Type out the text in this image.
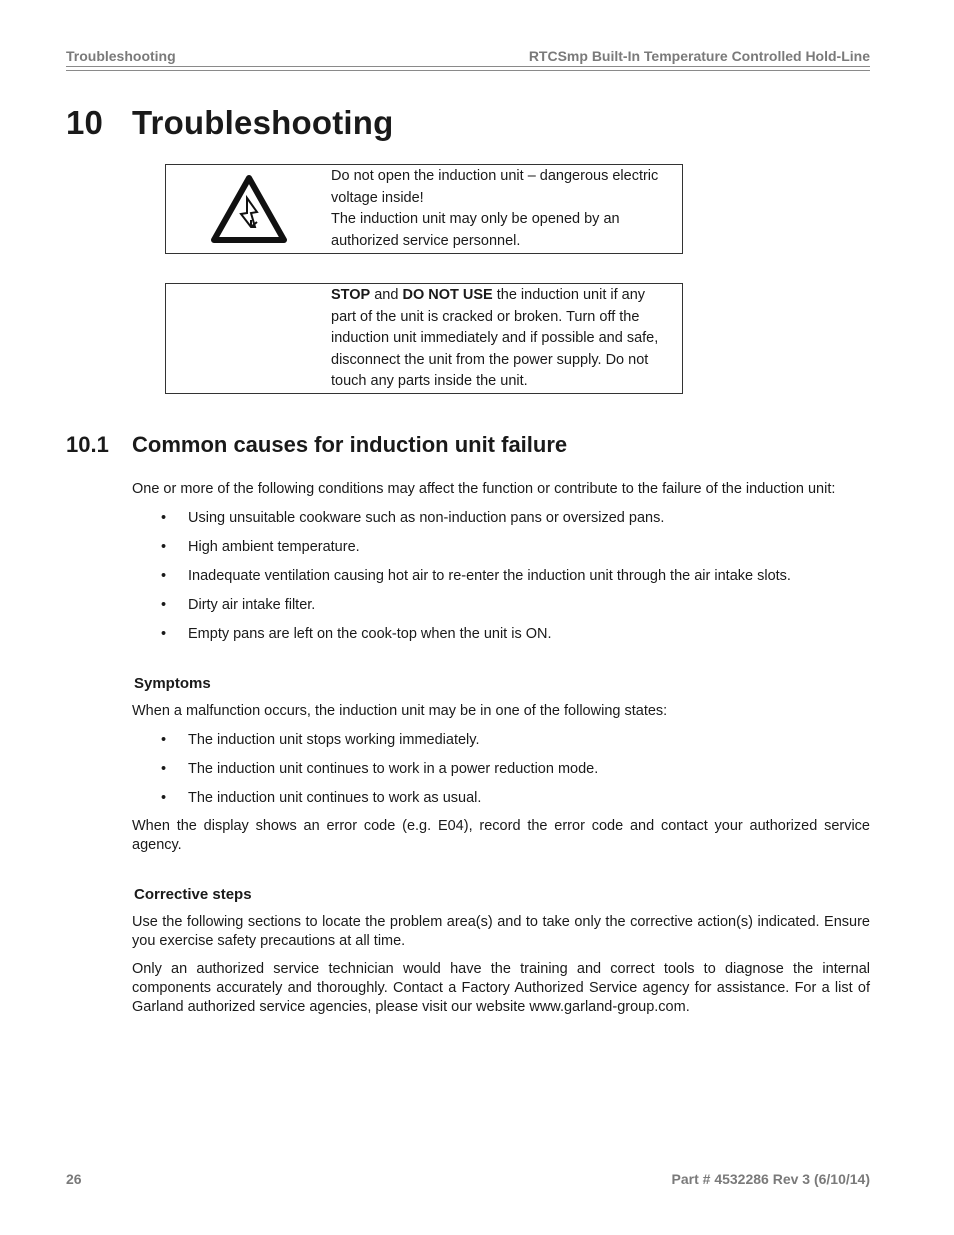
Troubleshooting	RTCSmp Built-In Temperature Controlled Hold-Line
10 Troubleshooting

Do not open the induction unit – dangerous electric voltage inside!

The induction unit may only be opened by an authorized service personnel.

STOP and DO NOT USE the induction unit if any part of the unit is cracked or broken. Turn off the induction unit immediately and if possible and safe, disconnect the unit from the power supply. Do not touch any parts inside the unit.

10.1 Common causes for induction unit failure

One or more of the following conditions may affect the function or contribute to the failure of the induction unit:

• Using unsuitable cookware such as non-induction pans or oversized pans.
• High ambient temperature.
• Inadequate ventilation causing hot air to re-enter the induction unit through the air intake slots.
• Dirty air intake filter.
• Empty pans are left on the cook-top when the unit is ON.

Symptoms

When a malfunction occurs, the induction unit may be in one of the following states:

• The induction unit stops working immediately.
• The induction unit continues to work in a power reduction mode.
• The induction unit continues to work as usual.

When the display shows an error code (e.g. E04), record the error code and contact your authorized service agency.

Corrective steps

Use the following sections to locate the problem area(s) and to take only the corrective action(s) indicated. Ensure you exercise safety precautions at all time.

Only an authorized service technician would have the training and correct tools to diagnose the internal components accurately and thoroughly. Contact a Factory Authorized Service agency for assistance. For a list of Garland authorized service agencies, please visit our website www.garland-group.com.

26	Part # 4532286 Rev 3 (6/10/14)
